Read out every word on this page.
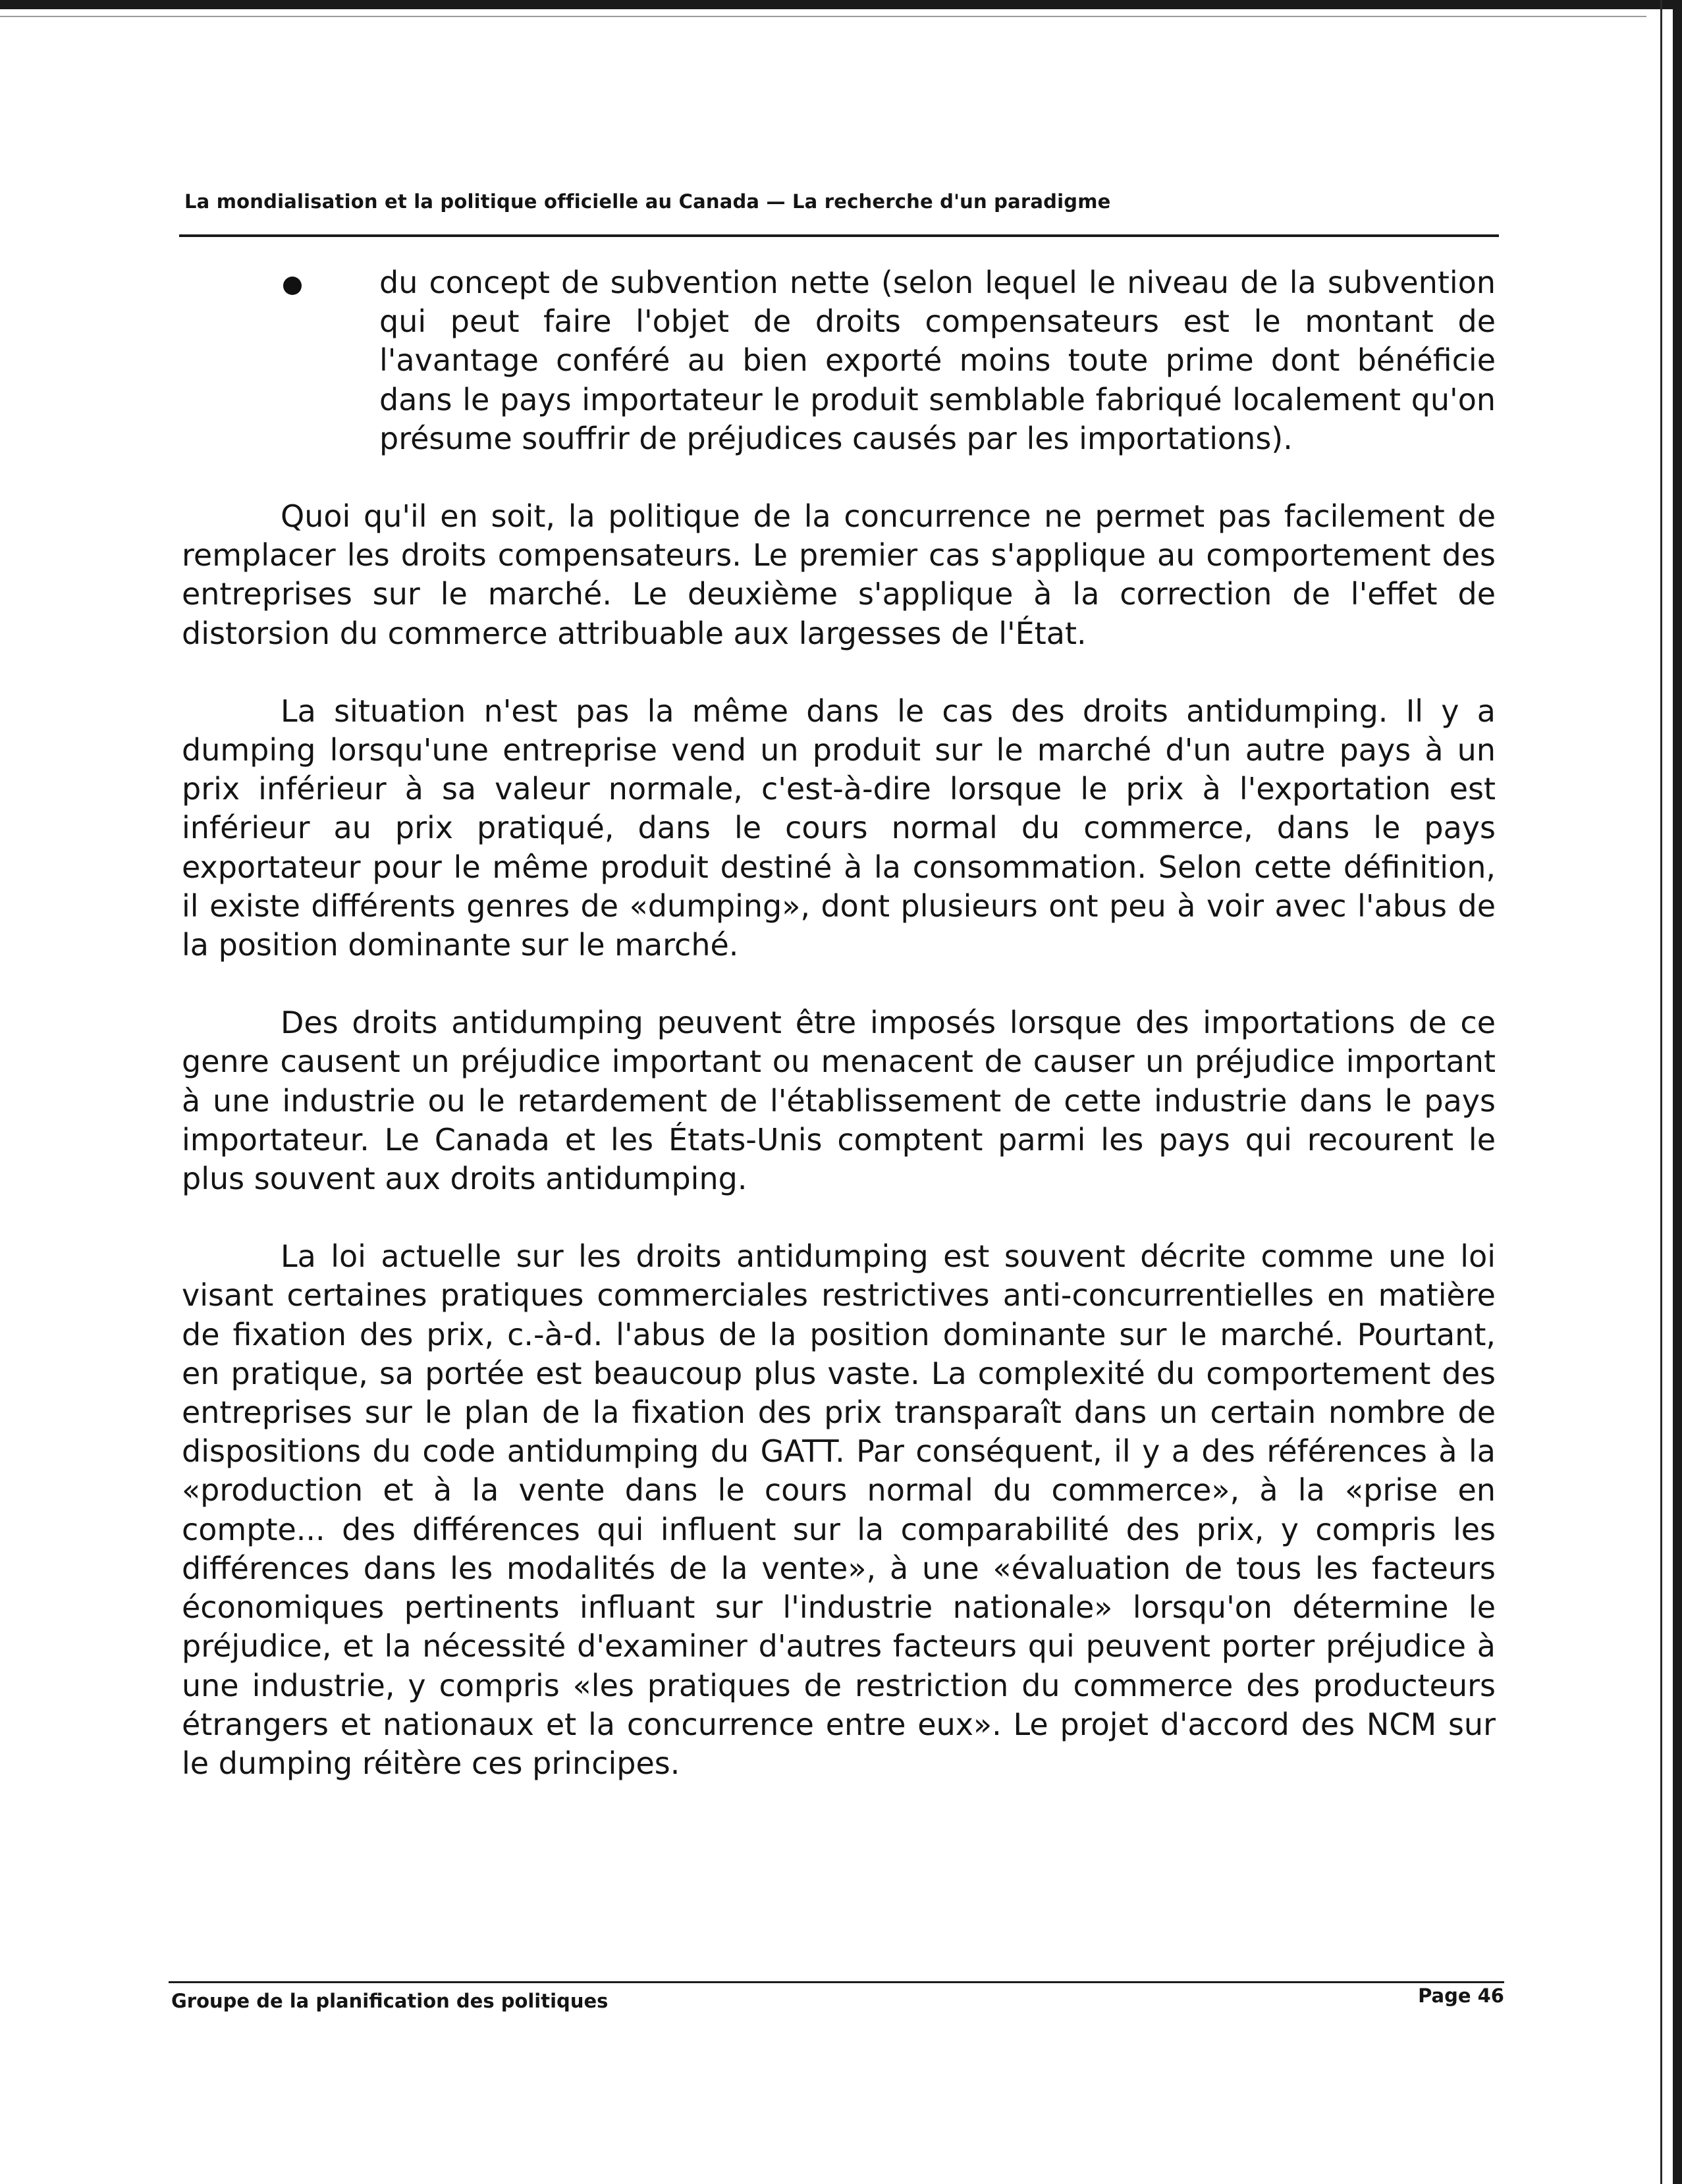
La mondialisation et la politique officielle au Canada — La recherche d'un paradigme

du concept de subvention nette (selon lequel le niveau de la subvention qui peut faire l'objet de droits compensateurs est le montant de l'avantage conféré au bien exporté moins toute prime dont bénéficie dans le pays importateur le produit semblable fabriqué localement qu'on présume souffrir de préjudices causés par les importations).

Quoi qu'il en soit, la politique de la concurrence ne permet pas facilement de remplacer les droits compensateurs. Le premier cas s'applique au comportement des entreprises sur le marché. Le deuxième s'applique à la correction de l'effet de distorsion du commerce attribuable aux largesses de l'État.

La situation n'est pas la même dans le cas des droits antidumping. Il y a dumping lorsqu'une entreprise vend un produit sur le marché d'un autre pays à un prix inférieur à sa valeur normale, c'est-à-dire lorsque le prix à l'exportation est inférieur au prix pratiqué, dans le cours normal du commerce, dans le pays exportateur pour le même produit destiné à la consommation. Selon cette définition, il existe différents genres de «dumping», dont plusieurs ont peu à voir avec l'abus de la position dominante sur le marché.

Des droits antidumping peuvent être imposés lorsque des importations de ce genre causent un préjudice important ou menacent de causer un préjudice important à une industrie ou le retardement de l'établissement de cette industrie dans le pays importateur. Le Canada et les États-Unis comptent parmi les pays qui recourent le plus souvent aux droits antidumping.

La loi actuelle sur les droits antidumping est souvent décrite comme une loi visant certaines pratiques commerciales restrictives anti-concurrentielles en matière de fixation des prix, c.-à-d. l'abus de la position dominante sur le marché. Pourtant, en pratique, sa portée est beaucoup plus vaste. La complexité du comportement des entreprises sur le plan de la fixation des prix transparaît dans un certain nombre de dispositions du code antidumping du GATT. Par conséquent, il y a des références à la «production et à la vente dans le cours normal du commerce», à la «prise en compte... des différences qui influent sur la comparabilité des prix, y compris les différences dans les modalités de la vente», à une «évaluation de tous les facteurs économiques pertinents influant sur l'industrie nationale» lorsqu'on détermine le préjudice, et la nécessité d'examiner d'autres facteurs qui peuvent porter préjudice à une industrie, y compris «les pratiques de restriction du commerce des producteurs étrangers et nationaux et la concurrence entre eux». Le projet d'accord des NCM sur le dumping réitère ces principes.

Groupe de la planification des politiques	Page 46
